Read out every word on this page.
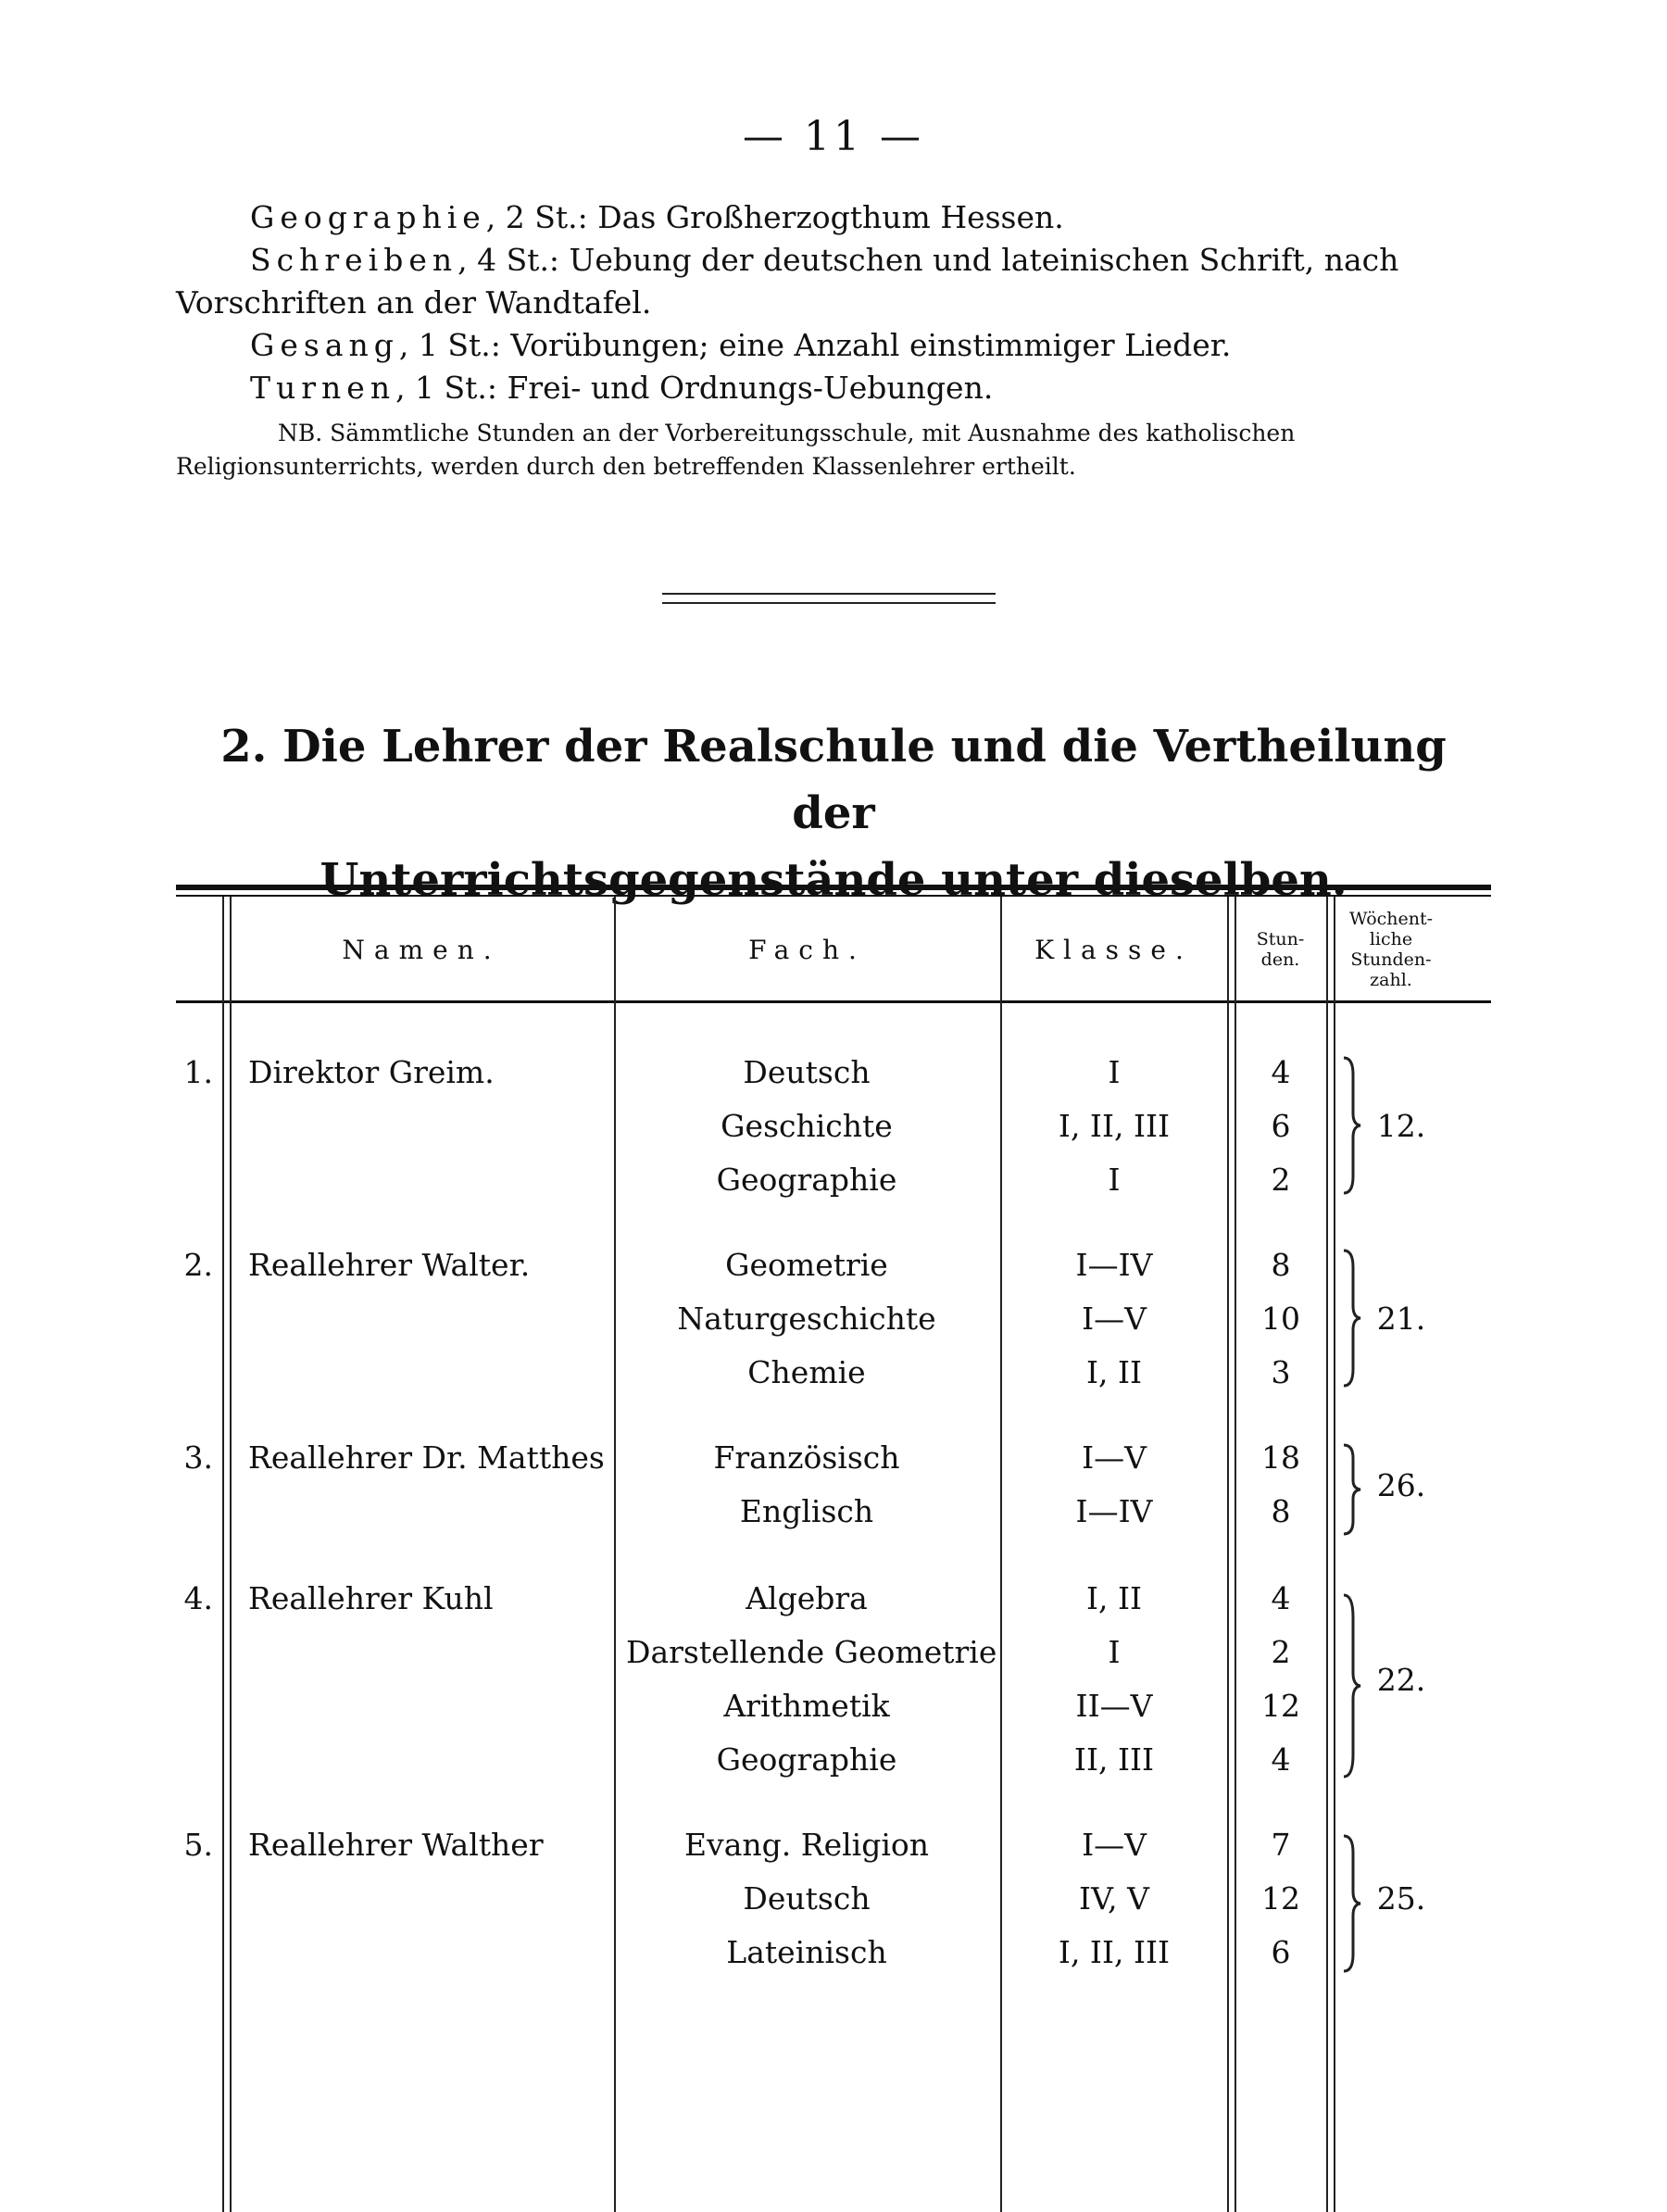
— 11 —
Geographie, 2 St.: Das Großherzogthum Hessen.
Schreiben, 4 St.: Uebung der deutschen und lateinischen Schrift, nach
Vorschriften an der Wandtafel.
Gesang, 1 St.: Vorübungen; eine Anzahl einstimmiger Lieder.
Turnen, 1 St.: Frei- und Ordnungs-Uebungen.
NB. Sämmtliche Stunden an der Vorbereitungsschule, mit Ausnahme des katholischen
Religionsunterrichts, werden durch den betreffenden Klassenlehrer ertheilt.
2. Die Lehrer der Realschule und die Vertheilung der
Unterrichtsgegenstände unter dieselben.
Namen.	Fach.	Klasse.	Stun- den.
Wöchent-
liche
Stunden-
zahl.
1. Direktor Greim.	Deutsch	I	4
Geschichte	I, II, III	6
Geographie	I	2
12.
2. Reallehrer Walter.	Geometrie	I—IV	8
Naturgeschichte	I—V	10
Chemie	I, II	3
21.
3. Reallehrer Dr. Matthes	Französisch	I—V	18
Englisch	I—IV	8
26.
4. Reallehrer Kuhl	Algebra	I, II	4
Darstellende Geometrie	I	2
Arithmetik	II—V	12
Geographie	II, III	4
22.
5. Reallehrer Walther	Evang. Religion	I—V	7
Deutsch	IV, V	12
Lateinisch	I, II, III	6
25.
